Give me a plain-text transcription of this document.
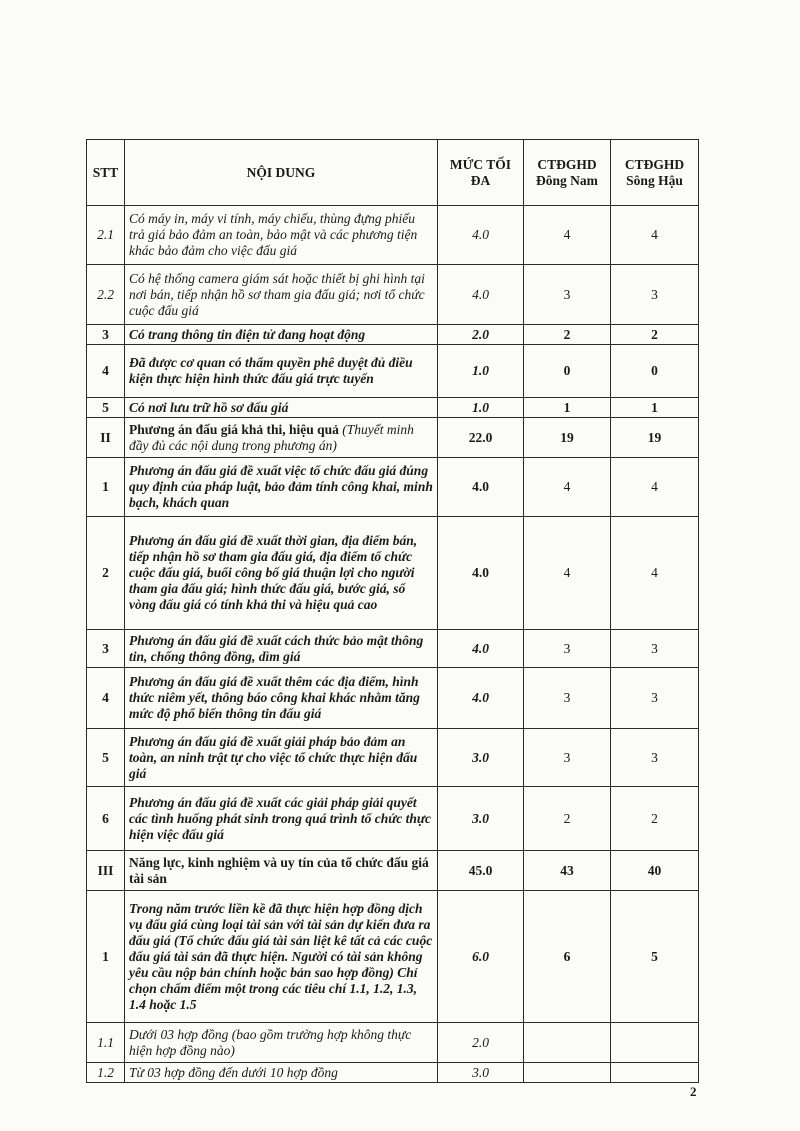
STT	NỘI DUNG	MỨC TỐI ĐA	CTĐGHD Đông Nam	CTĐGHD Sông Hậu
2.1	Có máy in, máy vi tính, máy chiếu, thùng đựng phiếu trả giá bảo đảm an toàn, bảo mật và các phương tiện khác bảo đảm cho việc đấu giá	4.0	4	4
2.2	Có hệ thống camera giám sát hoặc thiết bị ghi hình tại nơi bán, tiếp nhận hồ sơ tham gia đấu giá; nơi tổ chức cuộc đấu giá	4.0	3	3
3	Có trang thông tin điện tử đang hoạt động	2.0	2	2
4	Đã được cơ quan có thẩm quyền phê duyệt đủ điều kiện thực hiện hình thức đấu giá trực tuyến	1.0	0	0
5	Có nơi lưu trữ hồ sơ đấu giá	1.0	1	1
II	Phương án đấu giá khả thi, hiệu quả (Thuyết minh đầy đủ các nội dung trong phương án)	22.0	19	19
1	Phương án đấu giá đề xuất việc tổ chức đấu giá đúng quy định của pháp luật, bảo đảm tính công khai, minh bạch, khách quan	4.0	4	4
2	Phương án đấu giá đề xuất thời gian, địa điểm bán, tiếp nhận hồ sơ tham gia đấu giá, địa điểm tổ chức cuộc đấu giá, buổi công bố giá thuận lợi cho người tham gia đấu giá; hình thức đấu giá, bước giá, số vòng đấu giá có tính khả thi và hiệu quả cao	4.0	4	4
3	Phương án đấu giá đề xuất cách thức bảo mật thông tin, chống thông đồng, dìm giá	4.0	3	3
4	Phương án đấu giá đề xuất thêm các địa điểm, hình thức niêm yết, thông báo công khai khác nhằm tăng mức độ phổ biến thông tin đấu giá	4.0	3	3
5	Phương án đấu giá đề xuất giải pháp bảo đảm an toàn, an ninh trật tự cho việc tổ chức thực hiện đấu giá	3.0	3	3
6	Phương án đấu giá đề xuất các giải pháp giải quyết các tình huống phát sinh trong quá trình tổ chức thực hiện việc đấu giá	3.0	2	2
III	Năng lực, kinh nghiệm và uy tín của tổ chức đấu giá tài sản	45.0	43	40
1	Trong năm trước liền kề đã thực hiện hợp đồng dịch vụ đấu giá cùng loại tài sản với tài sản dự kiến đưa ra đấu giá (Tổ chức đấu giá tài sản liệt kê tất cả các cuộc đấu giá tài sản đã thực hiện. Người có tài sản không yêu cầu nộp bản chính hoặc bản sao hợp đồng) Chỉ chọn chấm điểm một trong các tiêu chí 1.1, 1.2, 1.3, 1.4 hoặc 1.5	6.0	6	5
1.1	Dưới 03 hợp đồng (bao gồm trường hợp không thực hiện hợp đồng nào)	2.0		
1.2	Từ 03 hợp đồng đến dưới 10 hợp đồng	3.0		
2
